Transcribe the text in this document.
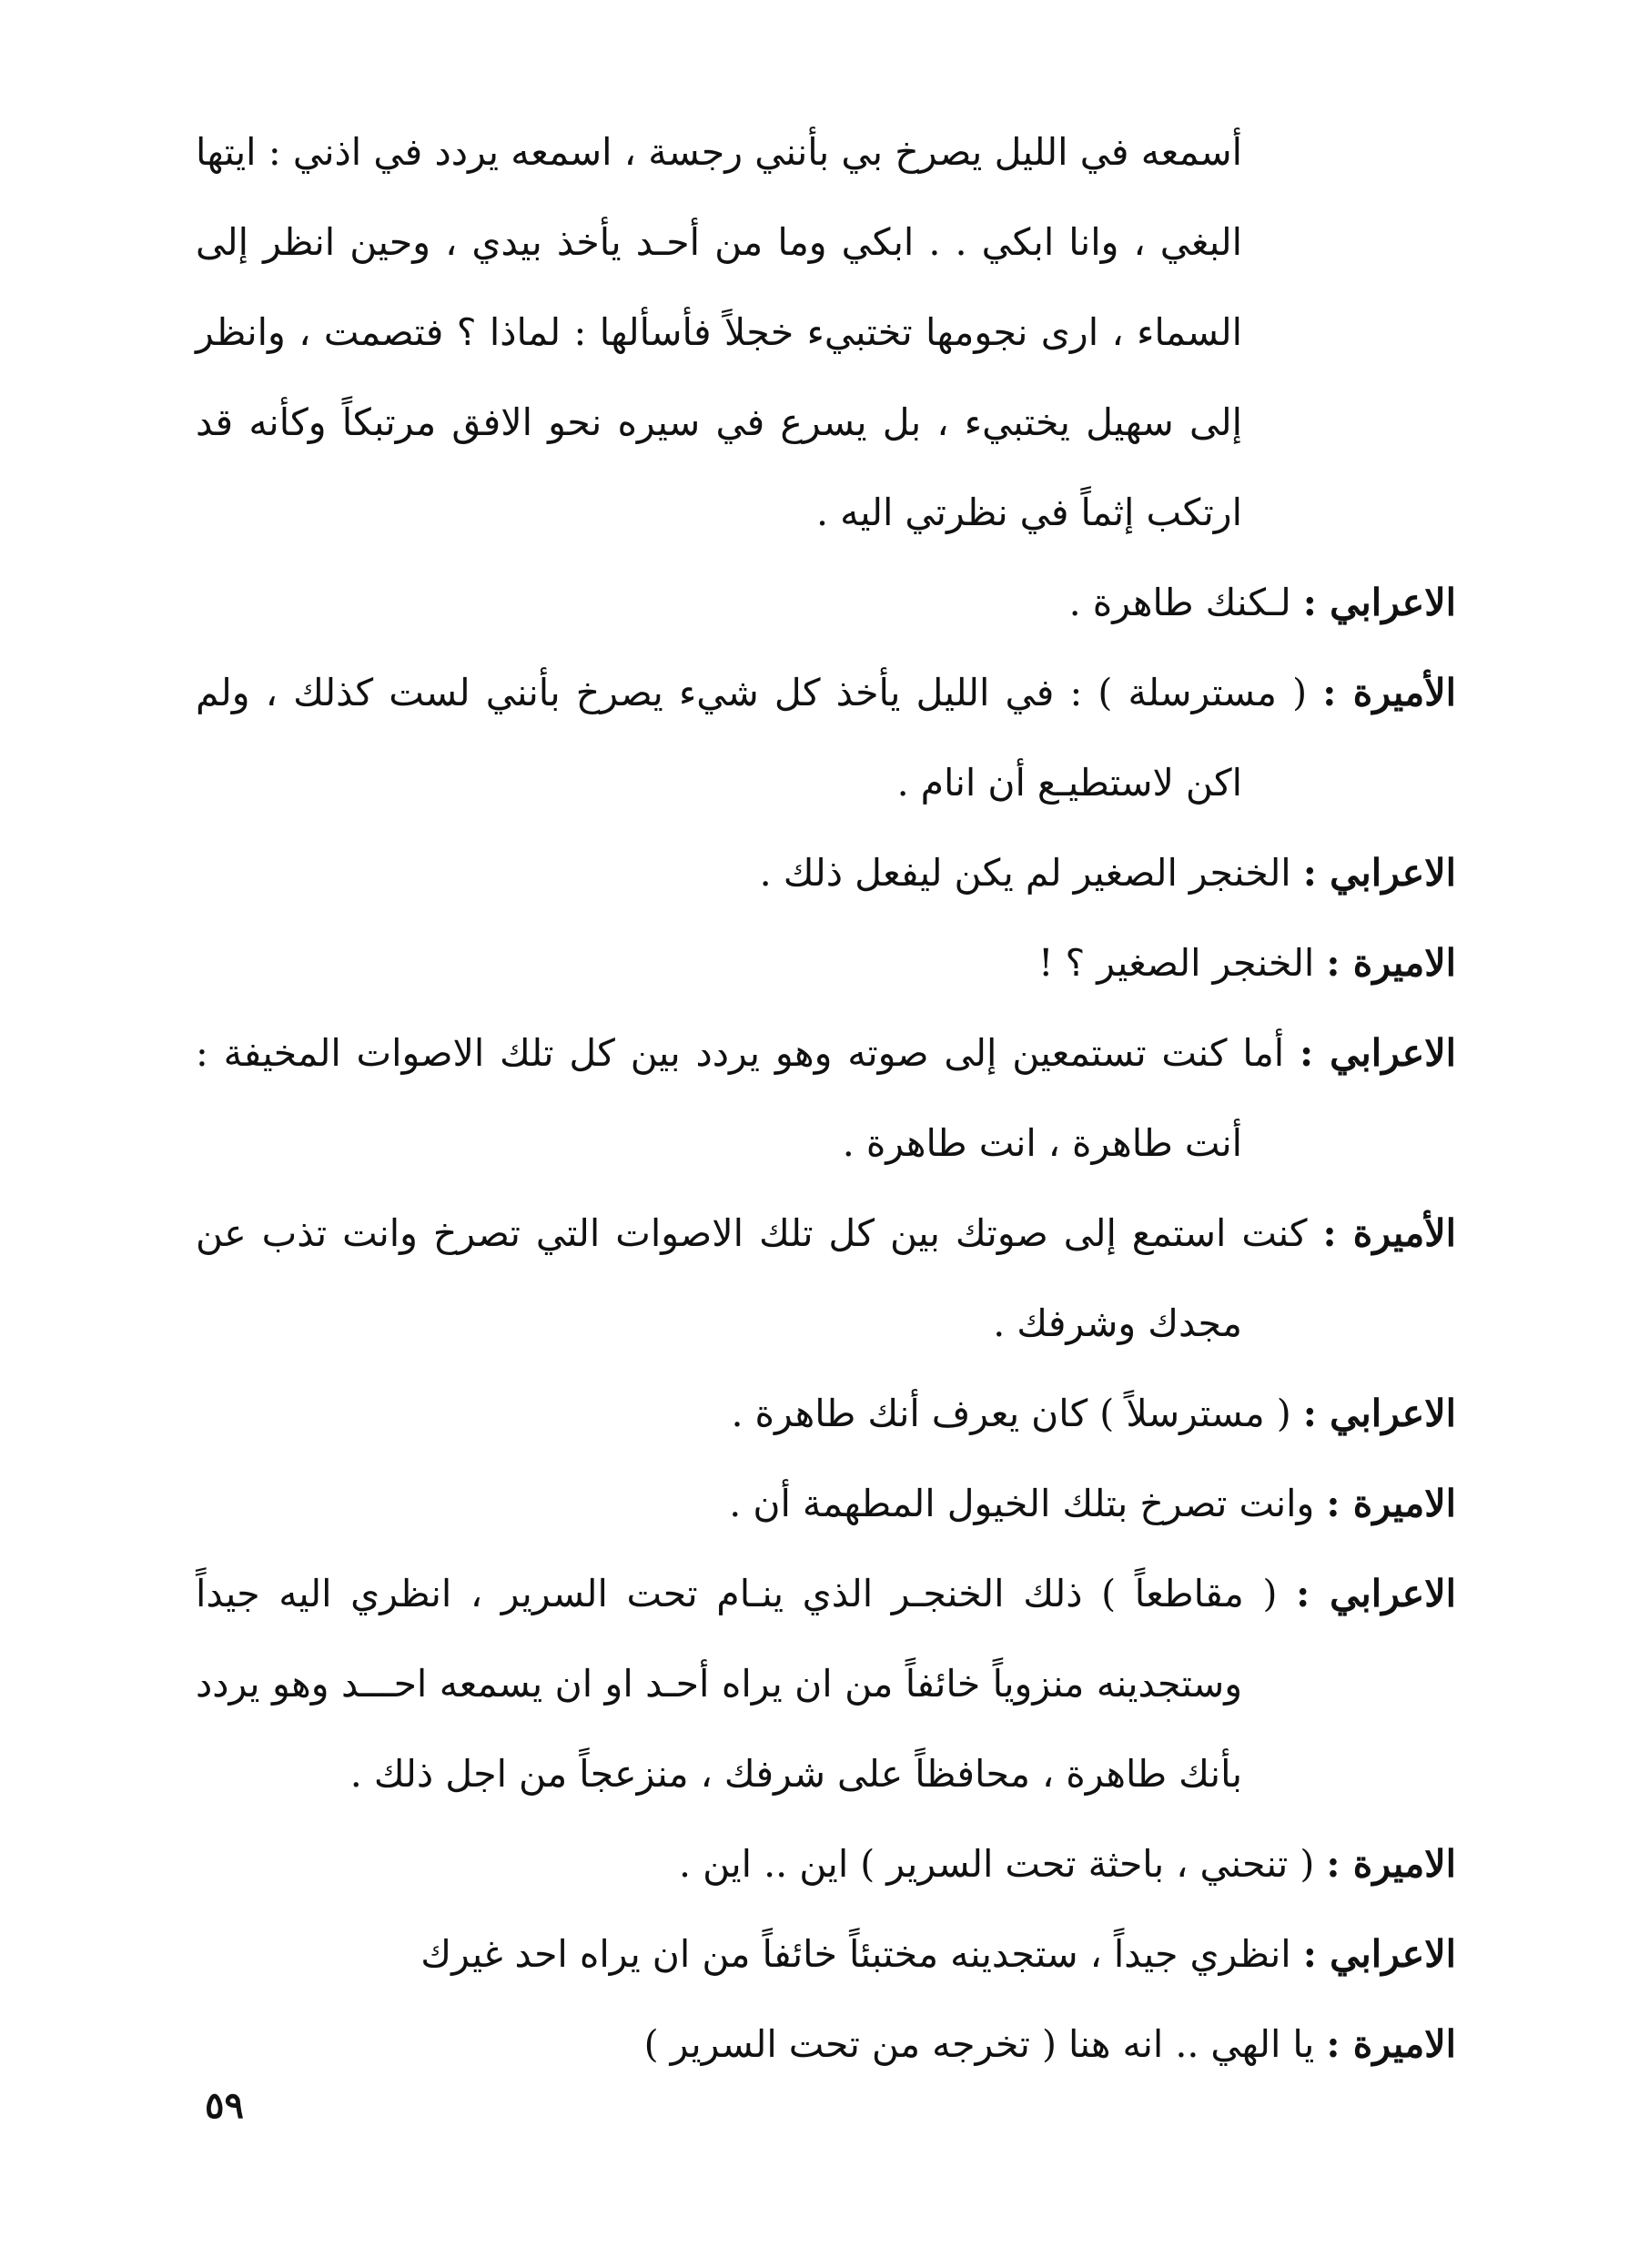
أسمعه في الليل يصرخ بي بأنني رجسة ، اسمعه يردد في اذني : ايتها البغي ، وانا ابكي . . ابكي وما من أحـد يأخذ بيدي ، وحين انظر إلى السماء ، ارى نجومها تختبيء خجلاً فأسألها : لماذا ؟ فتصمت ، وانظر إلى سهيل يختبيء ، بل يسرع في سيره نحو الافق مرتبكاً وكأنه قد ارتكب إثماً في نظرتي اليه .

الاعرابي : لـكنك طاهرة .

الأميرة : ( مسترسلة ) : في الليل يأخذ كل شيء يصرخ بأنني لست كذلك ، ولم اكن لاستطيـع أن انام .

الاعرابي : الخنجر الصغير لم يكن ليفعل ذلك .

الاميرة : الخنجر الصغير ؟ !

الاعرابي : أما كنت تستمعين إلى صوته وهو يردد بين كل تلك الاصوات المخيفة : أنت طاهرة ، انت طاهرة .

الأميرة : كنت استمع إلى صوتك بين كل تلك الاصوات التي تصرخ وانت تذب عن مجدك وشرفك .

الاعرابي : ( مسترسلاً ) كان يعرف أنك طاهرة .

الاميرة : وانت تصرخ بتلك الخيول المطهمة أن .

الاعرابي : ( مقاطعاً ) ذلك الخنجـر الذي ينـام تحت السرير ، انظري اليه جيداً وستجدينه منزوياً خائفاً من ان يراه أحـد او ان يسمعه احـــد وهو يردد بأنك طاهرة ، محافظاً على شرفك ، منزعجاً من اجل ذلك .

الاميرة : ( تنحني ، باحثة تحت السرير ) اين .. اين .

الاعرابي : انظري جيداً ، ستجدينه مختبئاً خائفاً من ان يراه احد غيرك

الاميرة : يا الهي .. انه هنا ( تخرجه من تحت السرير )

٥٩
